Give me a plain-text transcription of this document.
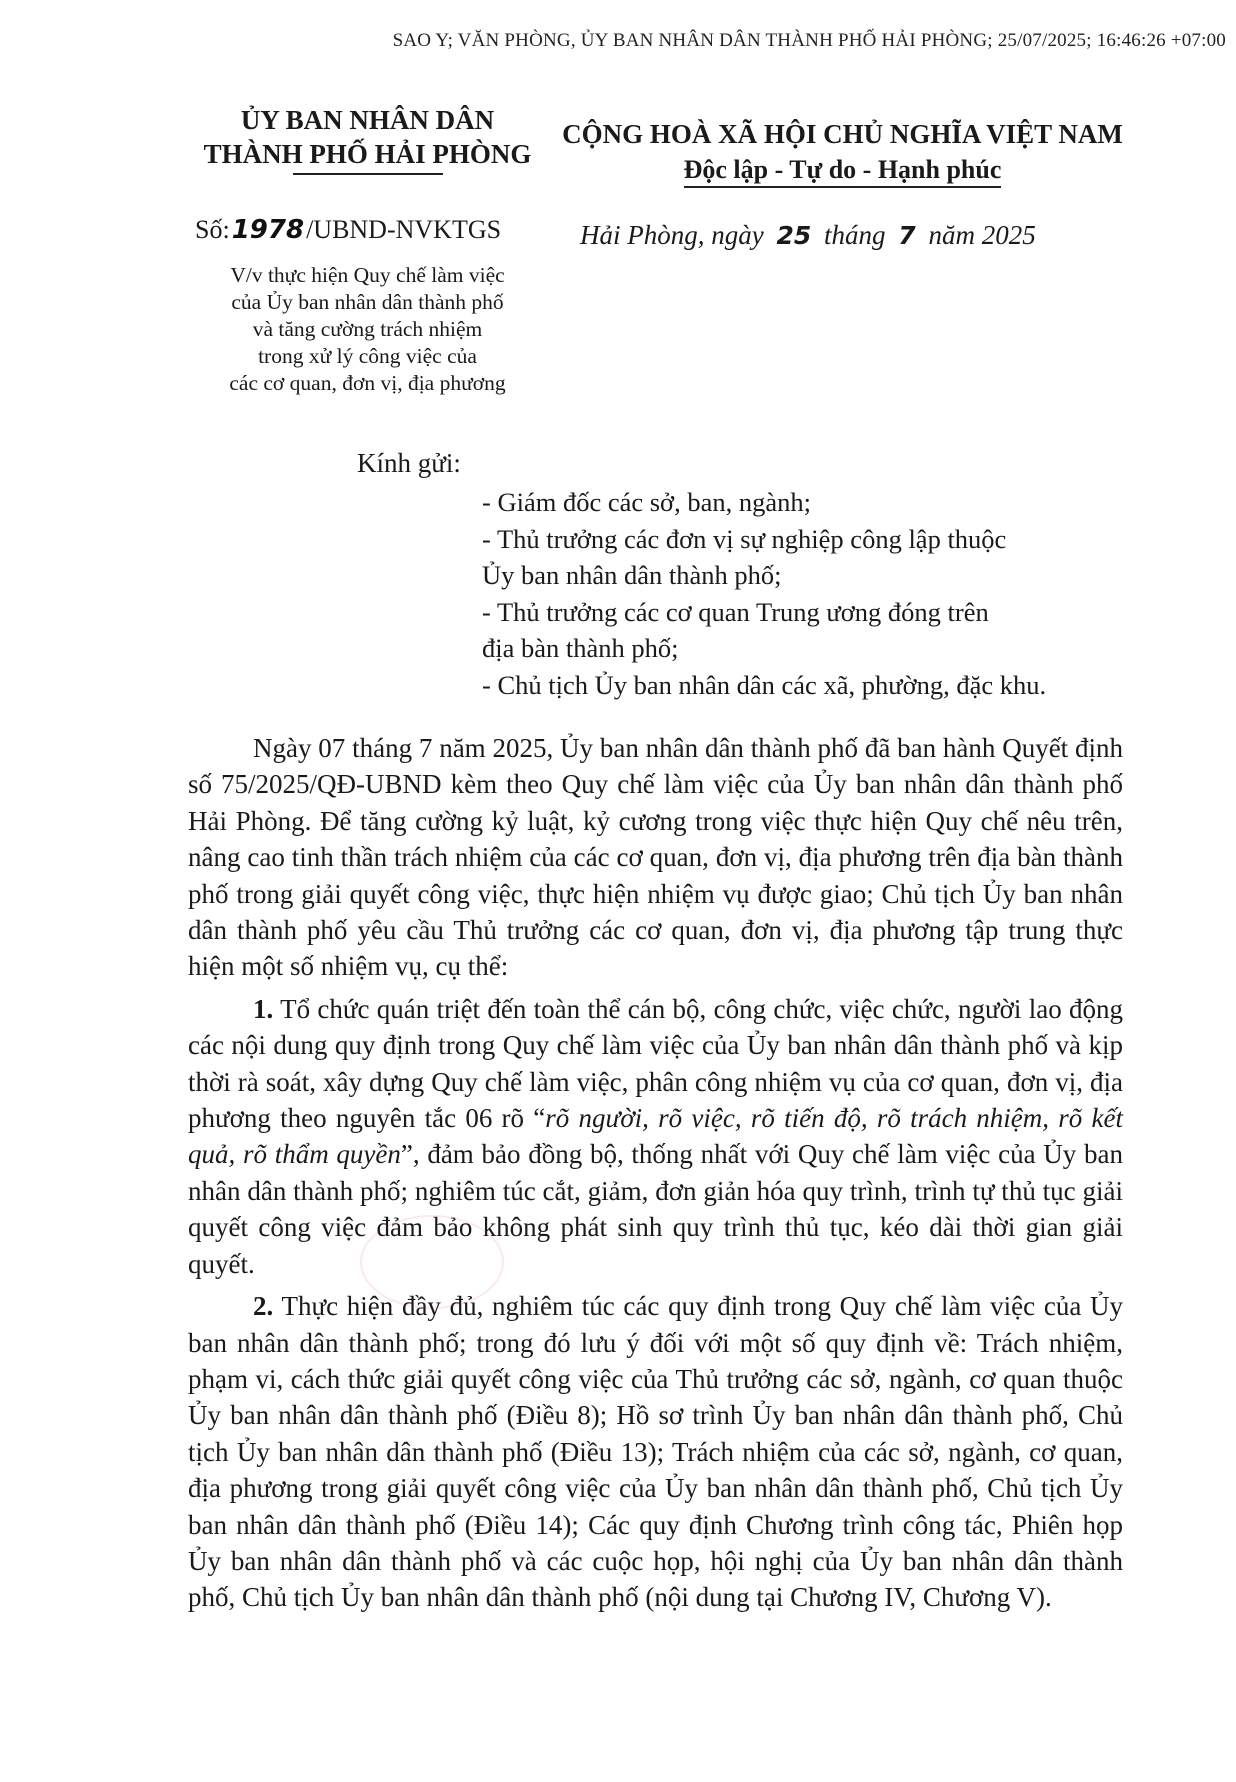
SAO Y; VĂN PHÒNG, ỦY BAN NHÂN DÂN THÀNH PHỐ HẢI PHÒNG; 25/07/2025; 16:46:26 +07:00
ỦY BAN NHÂN DÂN
THÀNH PHỐ HẢI PHÒNG
CỘNG HOÀ XÃ HỘI CHỦ NGHĨA VIỆT NAM
Độc lập - Tự do - Hạnh phúc
Số:1978/UBND-NVKTGS
V/v thực hiện Quy chế làm việc
của Ủy ban nhân dân thành phố
và tăng cường trách nhiệm
trong xử lý công việc của
các cơ quan, đơn vị, địa phương
Hải Phòng, ngày 25 tháng 7 năm 2025
Kính gửi:
- Giám đốc các sở, ban, ngành;
- Thủ trưởng các đơn vị sự nghiệp công lập thuộc
Ủy ban nhân dân thành phố;
- Thủ trưởng các cơ quan Trung ương đóng trên
địa bàn thành phố;
- Chủ tịch Ủy ban nhân dân các xã, phường, đặc khu.

Ngày 07 tháng 7 năm 2025, Ủy ban nhân dân thành phố đã ban hành Quyết định số 75/2025/QĐ-UBND kèm theo Quy chế làm việc của Ủy ban nhân dân thành phố Hải Phòng. Để tăng cường kỷ luật, kỷ cương trong việc thực hiện Quy chế nêu trên, nâng cao tinh thần trách nhiệm của các cơ quan, đơn vị, địa phương trên địa bàn thành phố trong giải quyết công việc, thực hiện nhiệm vụ được giao; Chủ tịch Ủy ban nhân dân thành phố yêu cầu Thủ trưởng các cơ quan, đơn vị, địa phương tập trung thực hiện một số nhiệm vụ, cụ thể:

1. Tổ chức quán triệt đến toàn thể cán bộ, công chức, việc chức, người lao động các nội dung quy định trong Quy chế làm việc của Ủy ban nhân dân thành phố và kịp thời rà soát, xây dựng Quy chế làm việc, phân công nhiệm vụ của cơ quan, đơn vị, địa phương theo nguyên tắc 06 rõ “rõ người, rõ việc, rõ tiến độ, rõ trách nhiệm, rõ kết quả, rõ thẩm quyền”, đảm bảo đồng bộ, thống nhất với Quy chế làm việc của Ủy ban nhân dân thành phố; nghiêm túc cắt, giảm, đơn giản hóa quy trình, trình tự thủ tục giải quyết công việc đảm bảo không phát sinh quy trình thủ tục, kéo dài thời gian giải quyết.

2. Thực hiện đầy đủ, nghiêm túc các quy định trong Quy chế làm việc của Ủy ban nhân dân thành phố; trong đó lưu ý đối với một số quy định về: Trách nhiệm, phạm vi, cách thức giải quyết công việc của Thủ trưởng các sở, ngành, cơ quan thuộc Ủy ban nhân dân thành phố (Điều 8); Hồ sơ trình Ủy ban nhân dân thành phố, Chủ tịch Ủy ban nhân dân thành phố (Điều 13); Trách nhiệm của các sở, ngành, cơ quan, địa phương trong giải quyết công việc của Ủy ban nhân dân thành phố, Chủ tịch Ủy ban nhân dân thành phố (Điều 14); Các quy định Chương trình công tác, Phiên họp Ủy ban nhân dân thành phố và các cuộc họp, hội nghị của Ủy ban nhân dân thành phố, Chủ tịch Ủy ban nhân dân thành phố (nội dung tại Chương IV, Chương V).
